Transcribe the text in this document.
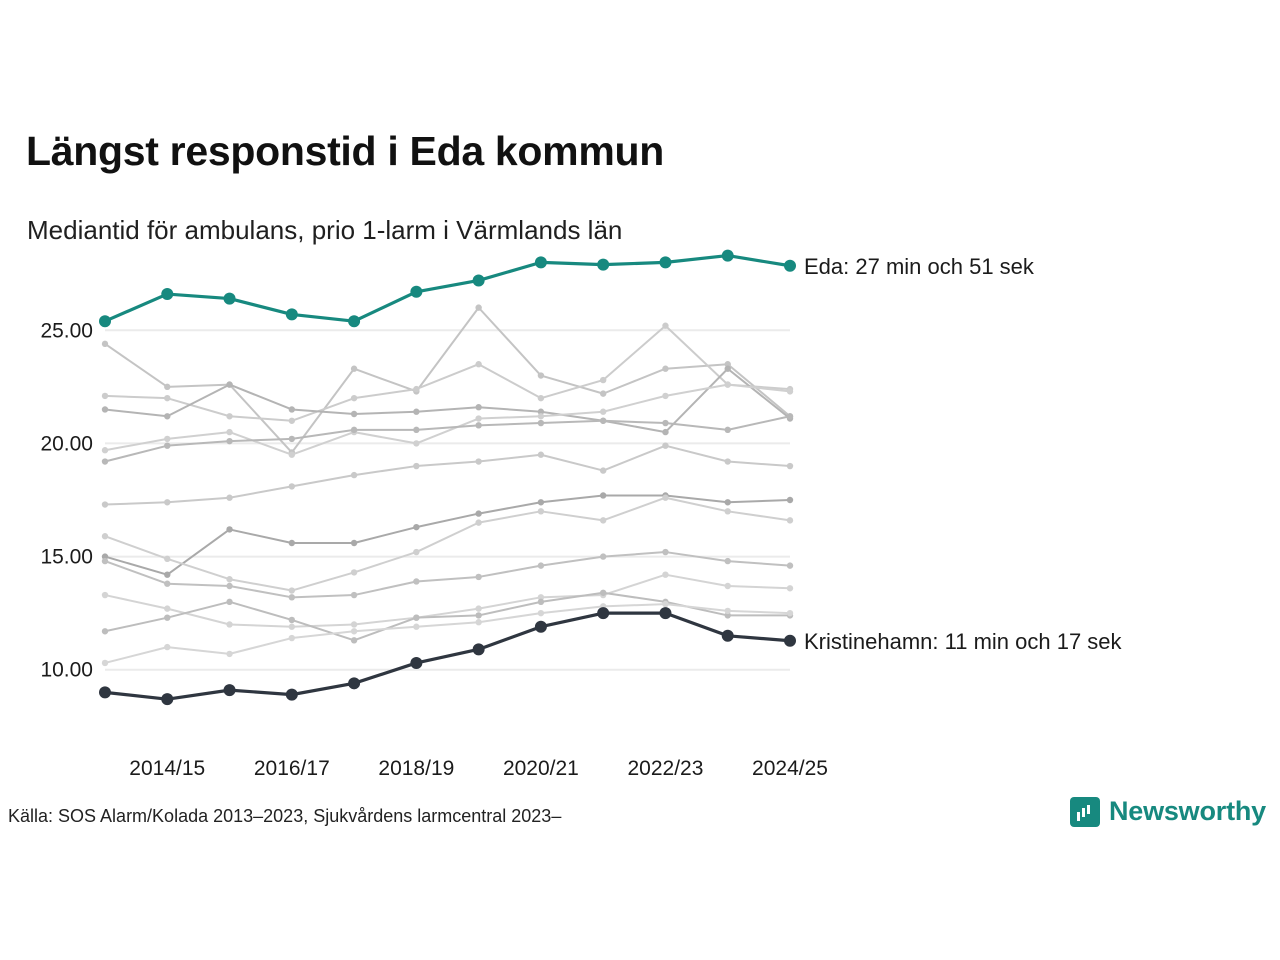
Längst responstid i Eda kommun
Mediantid för ambulans, prio 1-larm i Värmlands län
10.00
15.00
20.00
25.00
2014/15 2016/17 2018/19 2020/21 2022/23 2024/25
Eda: 27 min och 51 sek
Kristinehamn: 11 min och 17 sek
Källa: SOS Alarm/Kolada 2013–2023, Sjukvårdens larmcentral 2023–	Newsworthy
